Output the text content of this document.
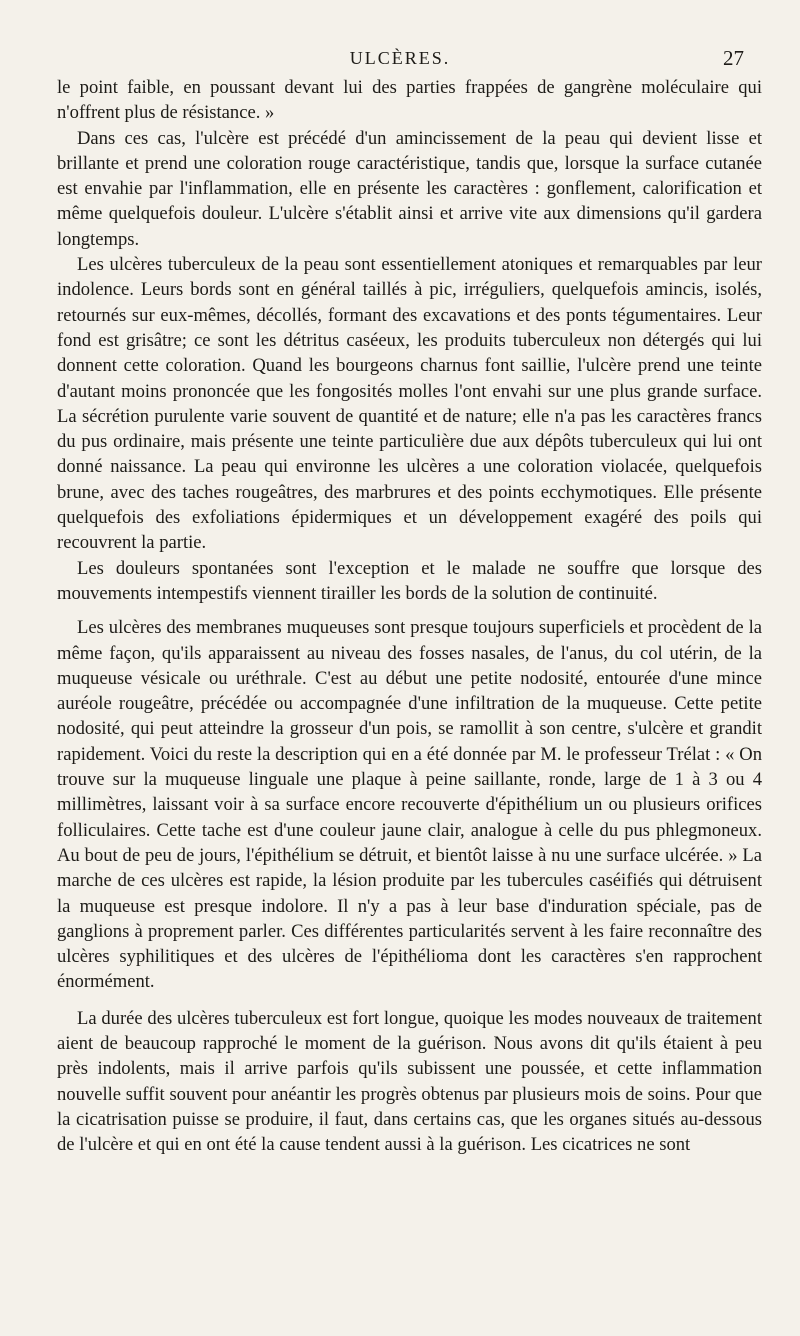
ULCÈRES.	27

le point faible, en poussant devant lui des parties frappées de gangrène moléculaire qui n'offrent plus de résistance. »

Dans ces cas, l'ulcère est précédé d'un amincissement de la peau qui devient lisse et brillante et prend une coloration rouge caractéristique, tandis que, lorsque la surface cutanée est envahie par l'inflammation, elle en présente les caractères : gonflement, calorification et même quelquefois douleur. L'ulcère s'établit ainsi et arrive vite aux dimensions qu'il gardera longtemps.

Les ulcères tuberculeux de la peau sont essentiellement atoniques et remarquables par leur indolence. Leurs bords sont en général taillés à pic, irréguliers, quelquefois amincis, isolés, retournés sur eux-mêmes, décollés, formant des excavations et des ponts tégumentaires. Leur fond est grisâtre; ce sont les détritus caséeux, les produits tuberculeux non détergés qui lui donnent cette coloration. Quand les bourgeons charnus font saillie, l'ulcère prend une teinte d'autant moins prononcée que les fongosités molles l'ont envahi sur une plus grande surface. La sécrétion purulente varie souvent de quantité et de nature; elle n'a pas les caractères francs du pus ordinaire, mais présente une teinte particulière due aux dépôts tuberculeux qui lui ont donné naissance. La peau qui environne les ulcères a une coloration violacée, quelquefois brune, avec des taches rougeâtres, des marbrures et des points ecchymotiques. Elle présente quelquefois des exfoliations épidermiques et un développement exagéré des poils qui recouvrent la partie.

Les douleurs spontanées sont l'exception et le malade ne souffre que lorsque des mouvements intempestifs viennent tirailler les bords de la solution de continuité.

Les ulcères des membranes muqueuses sont presque toujours superficiels et procèdent de la même façon, qu'ils apparaissent au niveau des fosses nasales, de l'anus, du col utérin, de la muqueuse vésicale ou uréthrale. C'est au début une petite nodosité, entourée d'une mince auréole rougeâtre, précédée ou accompagnée d'une infiltration de la muqueuse. Cette petite nodosité, qui peut atteindre la grosseur d'un pois, se ramollit à son centre, s'ulcère et grandit rapidement. Voici du reste la description qui en a été donnée par M. le professeur Trélat : « On trouve sur la muqueuse linguale une plaque à peine saillante, ronde, large de 1 à 3 ou 4 millimètres, laissant voir à sa surface encore recouverte d'épithélium un ou plusieurs orifices folliculaires. Cette tache est d'une couleur jaune clair, analogue à celle du pus phlegmoneux. Au bout de peu de jours, l'épithélium se détruit, et bientôt laisse à nu une surface ulcérée. » La marche de ces ulcères est rapide, la lésion produite par les tubercules caséifiés qui détruisent la muqueuse est presque indolore. Il n'y a pas à leur base d'induration spéciale, pas de ganglions à proprement parler. Ces différentes particularités servent à les faire reconnaître des ulcères syphilitiques et des ulcères de l'épithélioma dont les caractères s'en rapprochent énormément.

La durée des ulcères tuberculeux est fort longue, quoique les modes nouveaux de traitement aient de beaucoup rapproché le moment de la guérison. Nous avons dit qu'ils étaient à peu près indolents, mais il arrive parfois qu'ils subissent une poussée, et cette inflammation nouvelle suffit souvent pour anéantir les progrès obtenus par plusieurs mois de soins. Pour que la cicatrisation puisse se produire, il faut, dans certains cas, que les organes situés au-dessous de l'ulcère et qui en ont été la cause tendent aussi à la guérison. Les cicatrices ne sont
